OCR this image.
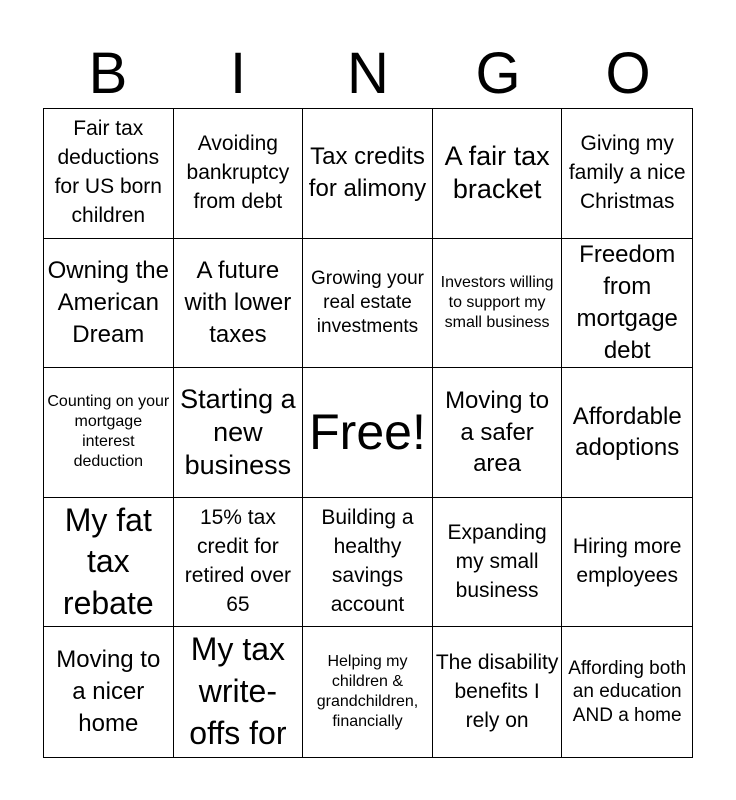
B	I	N	G	O
Fair tax deductions for US born children
Avoiding bankruptcy from debt
Tax credits for alimony
A fair tax bracket
Giving my family a nice Christmas
Owning the American Dream
A future with lower taxes
Growing your real estate investments
Investors willing to support my small business
Freedom from mortgage debt
Counting on your mortgage interest deduction
Starting a new business
Free!
Moving to a safer area
Affordable adoptions
My fat tax rebate
15% tax credit for retired over 65
Building a healthy savings account
Expanding my small business
Hiring more employees
Moving to a nicer home
My tax write-offs for
Helping my children & grandchildren, financially
The disability benefits I rely on
Affording both an education AND a home
